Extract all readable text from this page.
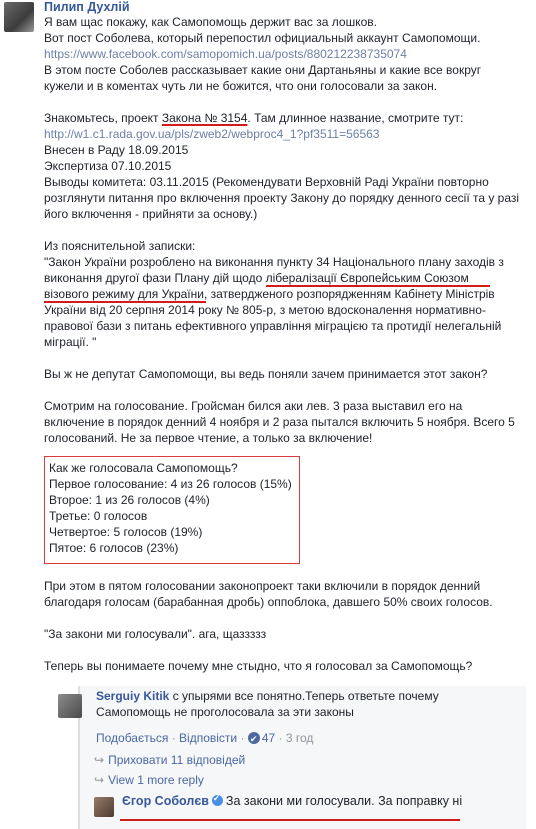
Пилип Духлій
Я вам щас покажу, как Самопомощь держит вас за лошков.
Вот пост Соболева, который перепостил официальный аккаунт Самопомощи.
https://www.facebook.com/samopomich.ua/posts/880212238735074
В этом посте Соболев рассказывает какие они Дартаньяны и какие все вокруг
кужели и в коментах чуть ли не божится, что они голосовали за закон.
Знакомьтесь, проект Закона № 3154. Там длинное название, смотрите тут:
http://w1.c1.rada.gov.ua/pls/zweb2/webproc4_1?pf3511=56563
Внесен в Раду 18.09.2015
Экспертиза 07.10.2015
Выводы комитета: 03.11.2015 (Рекомендувати Верховній Раді України повторно
розглянути питання про включення проекту Закону до порядку денного сесії та у разі
його включення - прийняти за основу.)
Из пояснительной записки:
"Закон України розроблено на виконання пункту 34 Національного плану заходів з
виконання другої фази Плану дій щодо лібералізації Європейським Союзом
візового режиму для України, затвердженого розпорядженням Кабінету Міністрів
України від 20 серпня 2014 року № 805-р, з метою вдосконалення нормативно-
правової бази з питань ефективного управління міграцією та протидії нелегальній
міграції. "
Вы ж не депутат Самопомощи, вы ведь поняли зачем принимается этот закон?
Смотрим на голосование. Гройсман бился аки лев. 3 раза выставил его на
включение в порядок денний 4 ноября и 2 раза пытался включить 5 ноября. Всего 5
голосований. Не за первое чтение, а только за включение!
Как же голосовала Самопомощь?
Первое голосование: 4 из 26 голосов (15%)
Второе: 1 из 26 голосов (4%)
Третье: 0 голосов
Четвертое: 5 голосов (19%)
Пятое: 6 голосов (23%)
При этом в пятом голосовании законопроект таки включили в порядок денний
благодаря голосам (барабанная дробь) оппоблока, давшего 50% своих голосов.
"За закони ми голосували". ага, щаззззз
Теперь вы понимаете почему мне стыдно, что я голосовал за Самопомощь?
Serguiy Kitik с упырями все понятно.Теперь ответьте почему
Самопомощь не проголосовала за эти законы
Подобається · Відповісти · ✔47 · 3 год
↪ Приховати 11 відповідей
↪ View 1 more reply
Єгор Соболєв✓ За закони ми голосували. За поправку ні
